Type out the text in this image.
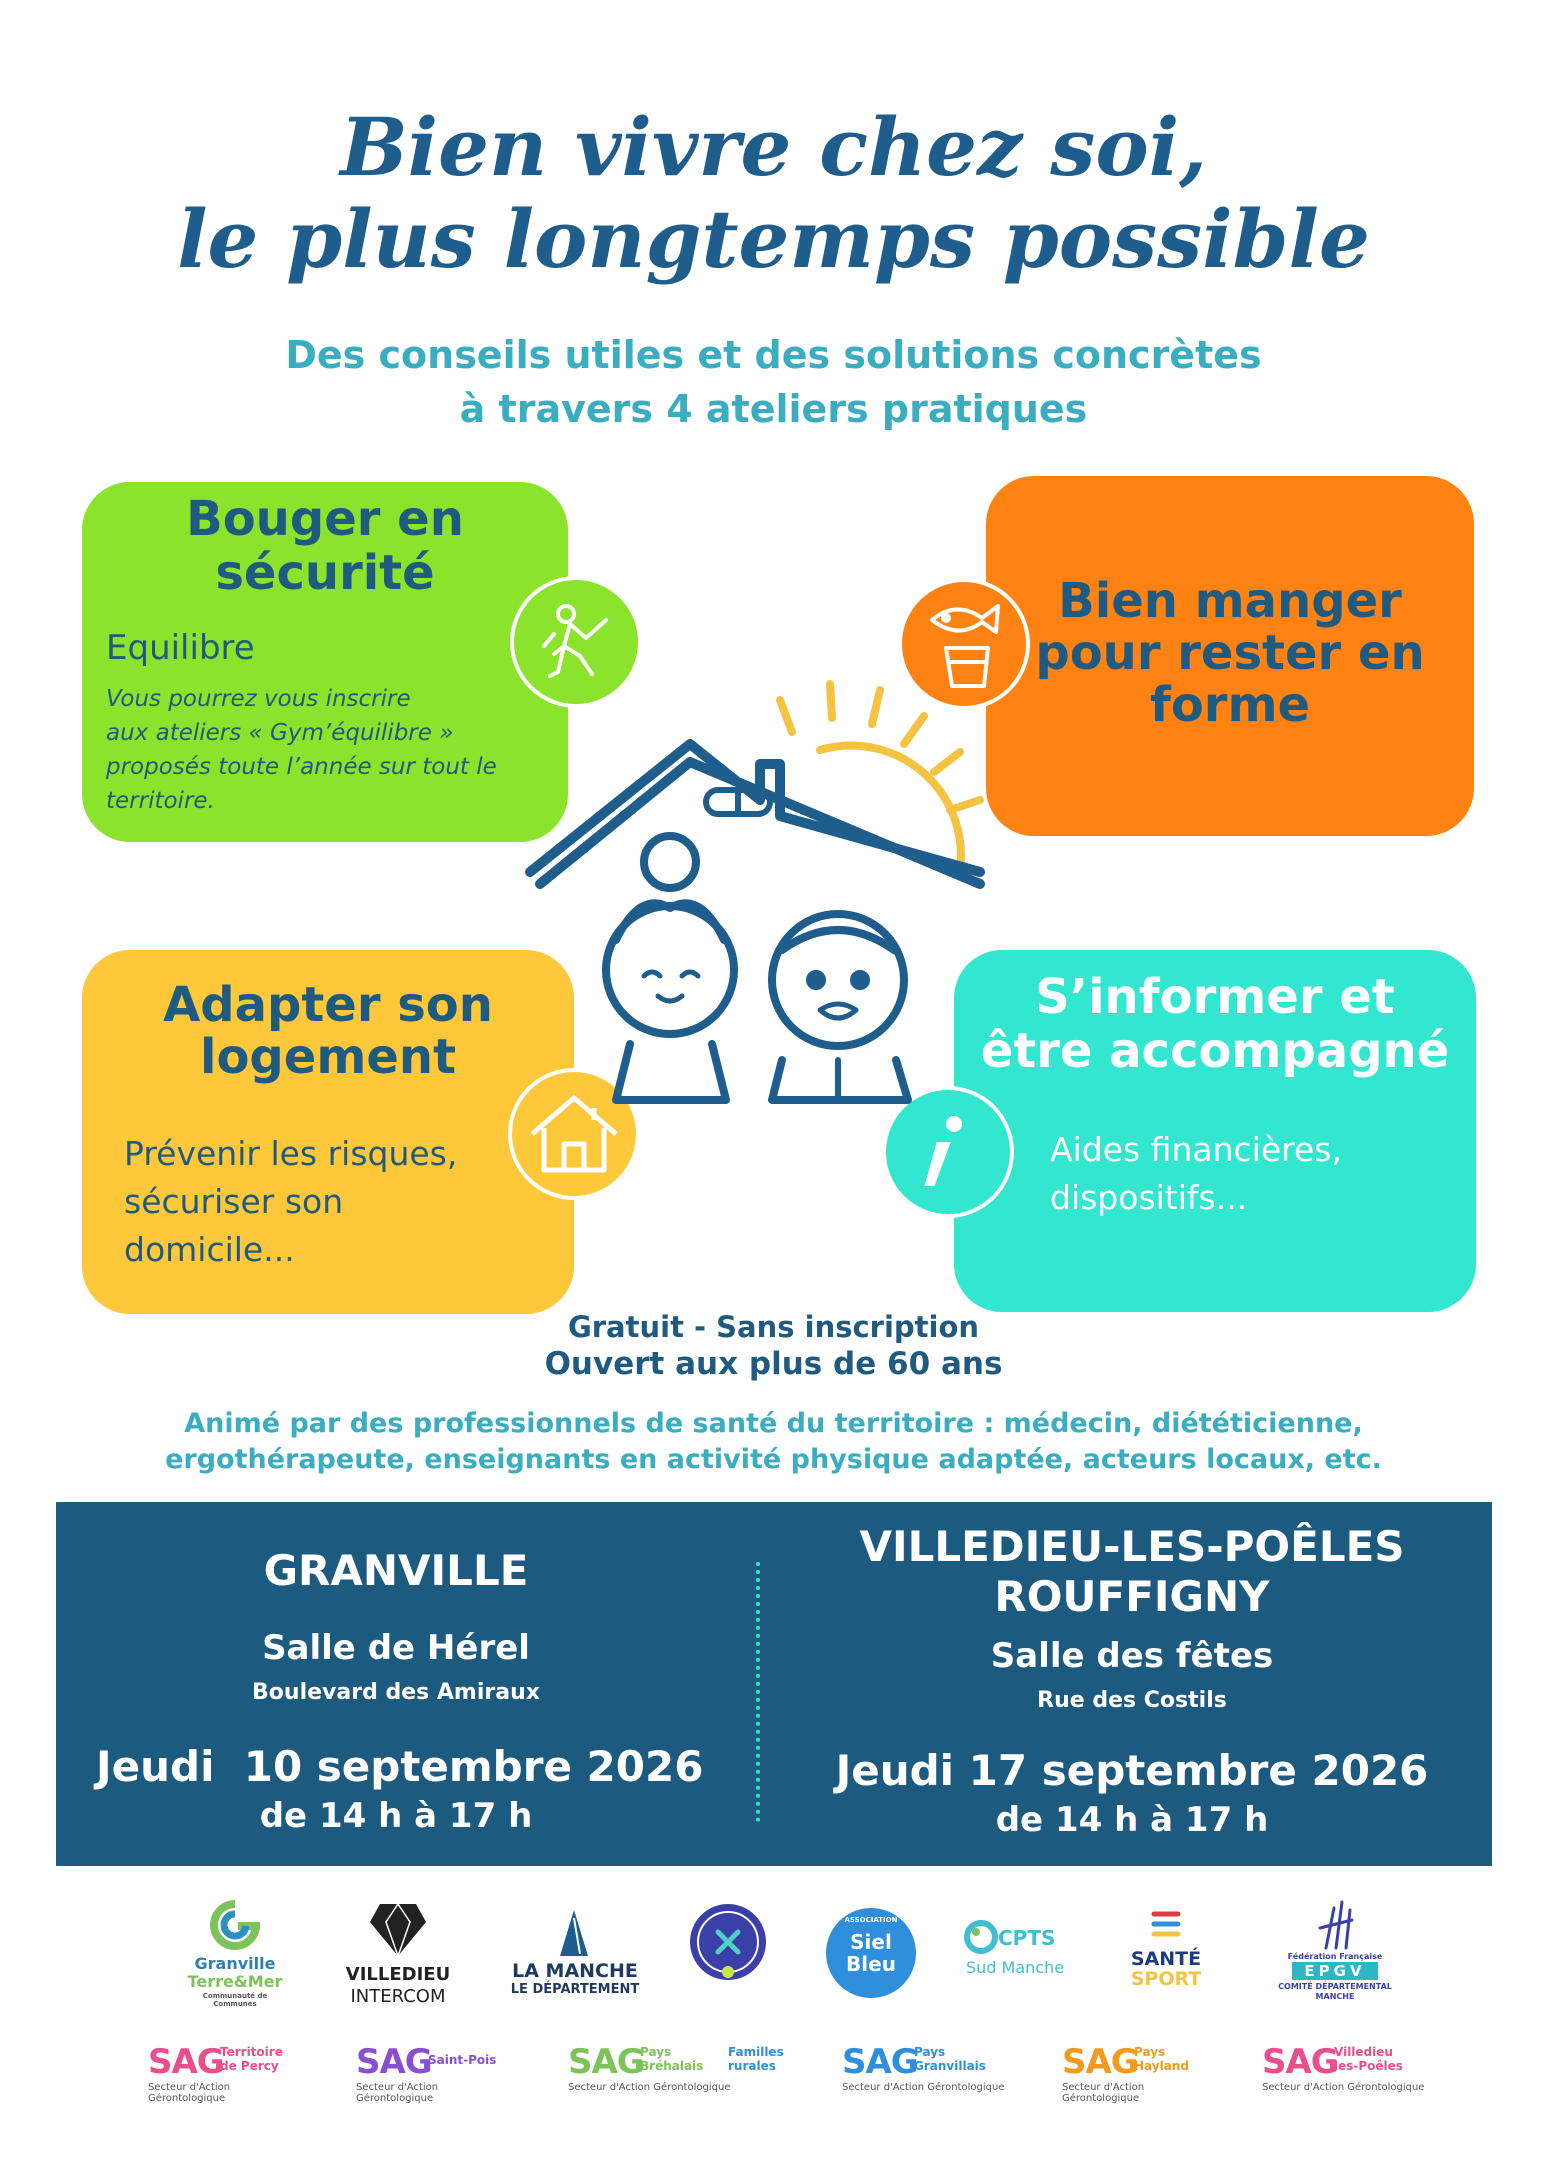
Bien vivre chez soi,
le plus longtemps possible
Des conseils utiles et des solutions concrètes
à travers 4 ateliers pratiques
Bouger en
sécurité
Equilibre
Vous pourrez vous inscrire
aux ateliers « Gym’équilibre »
proposés toute l’année sur tout le
territoire.
Bien manger
pour rester en
forme
Adapter son
logement
Prévenir les risques,
sécuriser son
domicile...
S’informer et
être accompagné
Aides financières,
dispositifs...
Gratuit - Sans inscription
Ouvert aux plus de 60 ans
Animé par des professionnels de santé du territoire : médecin, diététicienne,
ergothérapeute, enseignants en activité physique adaptée, acteurs locaux, etc.
GRANVILLE
Salle de Hérel
Boulevard des Amiraux
Jeudi  10 septembre 2026
de 14 h à 17 h
VILLEDIEU-LES-POÊLES
ROUFFIGNY
Salle des fêtes
Rue des Costils
Jeudi 17 septembre 2026
de 14 h à 17 h
Granville
Terre&Mer
Communauté de Communes
VILLEDIEU
INTERCOM
LA MANCHE
LE DÉPARTEMENT
Siel
Bleu
ASSOCIATION
CPTS
Sud Manche	SANTÉ
SPORT
Fédération Française
EPGV
COMITÉ DÉPARTEMENTAL
MANCHE
SAG
Territoire
de Percy
Secteur d'Action Gérontologique
SAG
Saint-Pois
Secteur d'Action Gérontologique
SAG
Pays
Bréhalais
Secteur d'Action Gérontologique
Familles
rurales SAG
Pays
Granvillais
Secteur d'Action Gérontologique
SAG
Pays
Hayland
Secteur d'Action Gérontologique
SAG
Villedieu
les-Poêles
Secteur d'Action Gérontologique
